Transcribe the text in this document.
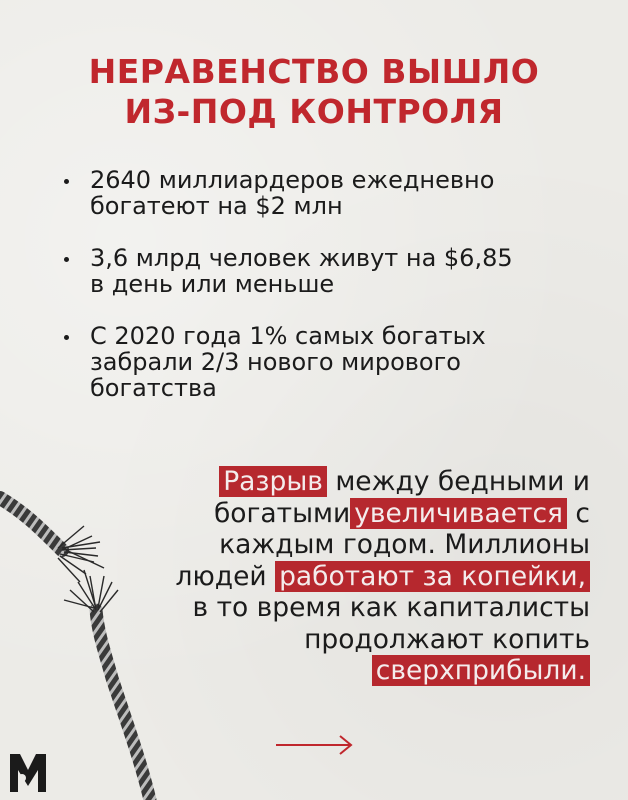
НЕРАВЕНСТВО ВЫШЛО
ИЗ-ПОД КОНТРОЛЯ
2640 миллиардеров ежедневно
богатеют на $2 млн
3,6 млрд человек живут на $6,85
в день или меньше
С 2020 года 1% самых богатых
забрали 2/3 нового мирового
богатства
Разрыв между бедными и
богатыми увеличивается с
каждым годом. Миллионы
людей работают за копейки,
в то время как капиталисты
продолжают копить
сверхприбыли.
